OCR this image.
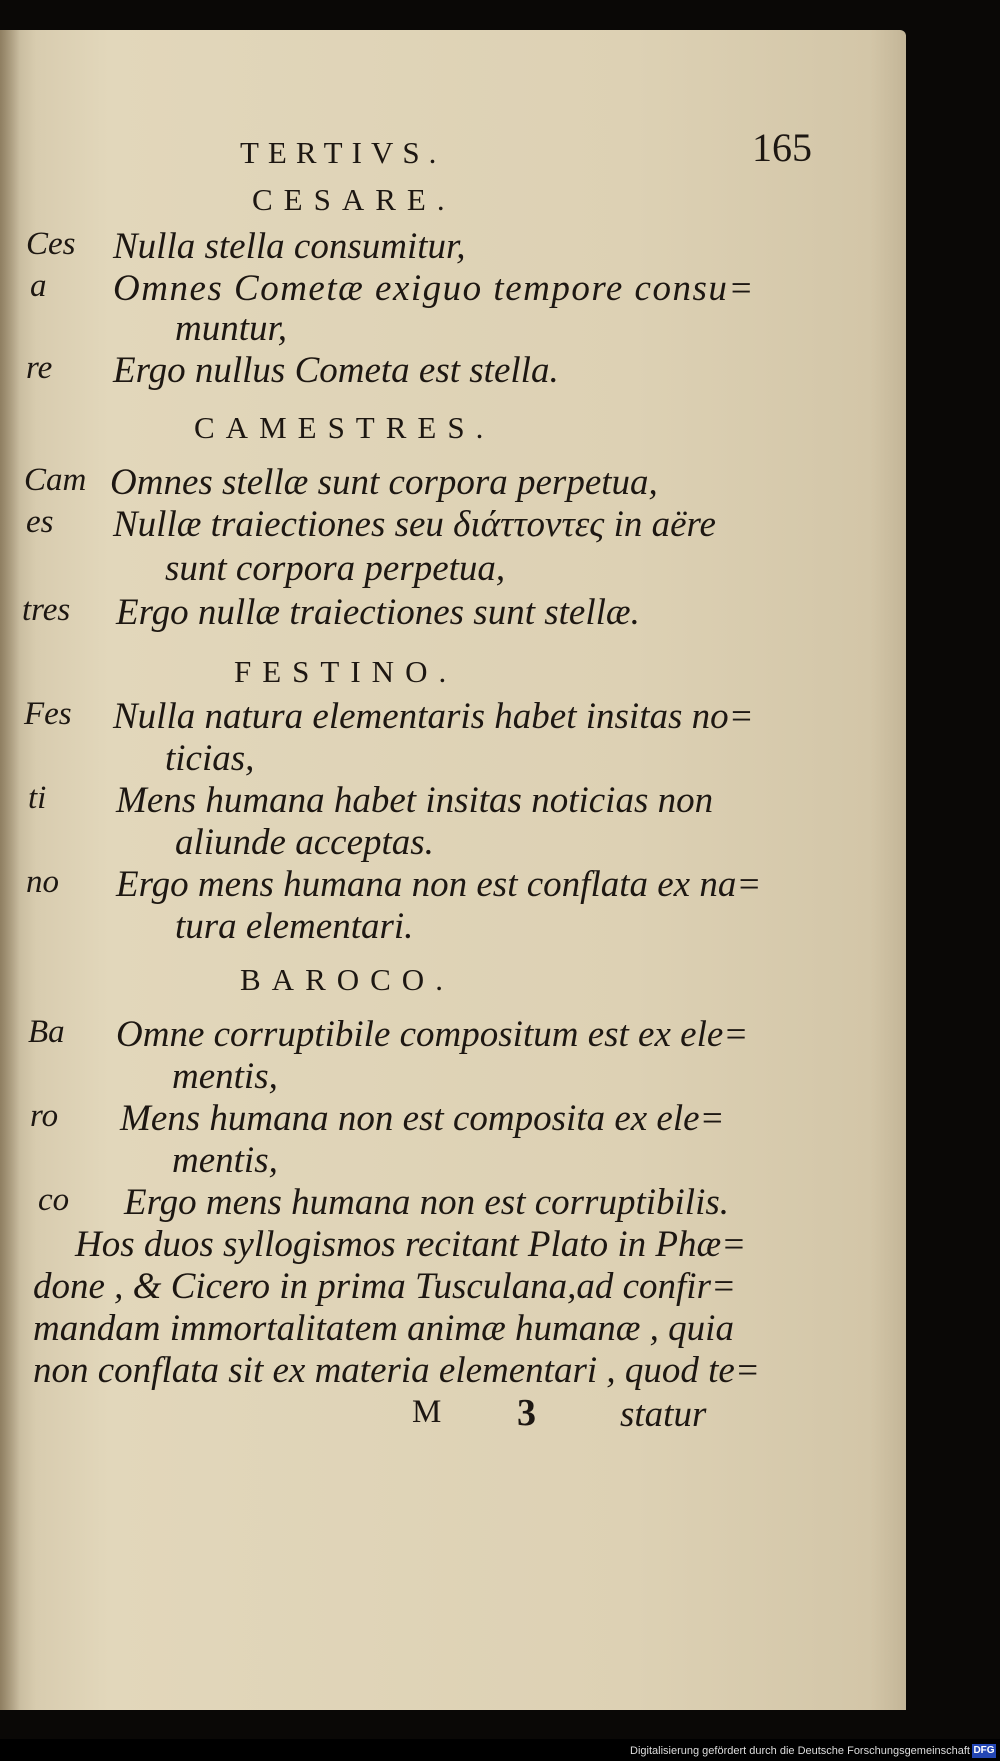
TERTIVS.	165
CESARE.
Ces Nulla stella consumitur,
a Omnes Cometæ exiguo tempore consu=
muntur,
re Ergo nullus Cometa est stella.
CAMESTRES.
Cam Omnes stellæ sunt corpora perpetua,
es Nullæ traiectiones seu διάττοντες in aëre
sunt corpora perpetua,
tres Ergo nullæ traiectiones sunt stellæ.
FESTINO.
Fes Nulla natura elementaris habet insitas no=
ticias,
ti Mens humana habet insitas noticias non
aliunde acceptas.
no Ergo mens humana non est conflata ex na=
tura elementari.
BAROCO.
Ba Omne corruptibile compositum est ex ele=
mentis,
ro Mens humana non est composita ex ele=
mentis,
co Ergo mens humana non est corruptibilis.
Hos duos syllogismos recitant Plato in Phæ=
done , & Cicero in prima Tusculana,ad confir=
mandam immortalitatem animæ humanæ , quia
non conflata sit ex materia elementari , quod te=
M 3 statur
Digitalisierung gefördert durch die Deutsche Forschungsgemeinschaft DFG
